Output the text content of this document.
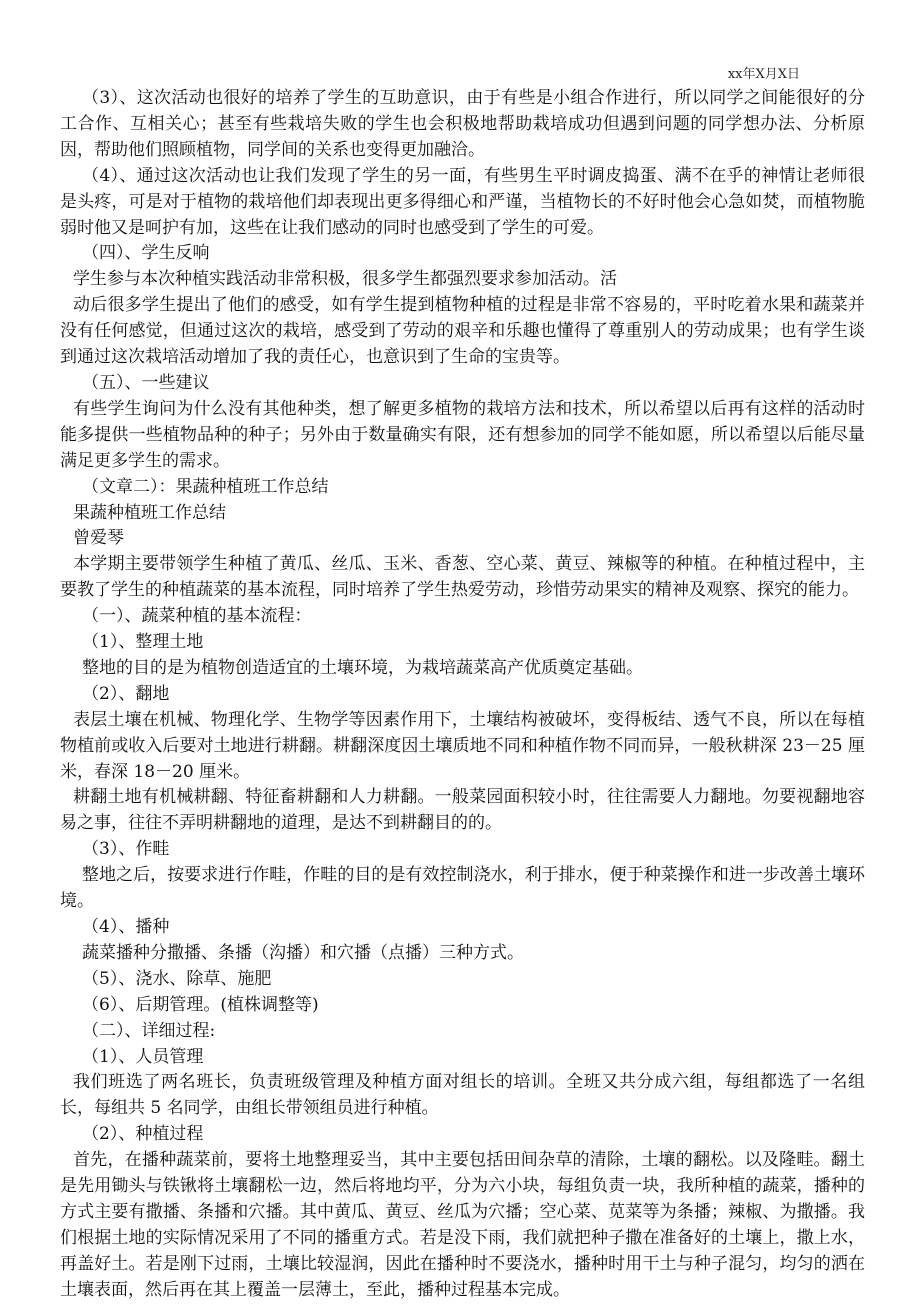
xx年X月X日

（3）、这次活动也很好的培养了学生的互助意识，由于有些是小组合作进行，所以同学之间能很好的分工合作、互相关心；甚至有些栽培失败的学生也会积极地帮助栽培成功但遇到问题的同学想办法、分析原因，帮助他们照顾植物，同学间的关系也变得更加融洽。

（4）、通过这次活动也让我们发现了学生的另一面，有些男生平时调皮捣蛋、满不在乎的神情让老师很是头疼，可是对于植物的栽培他们却表现出更多得细心和严谨，当植物长的不好时他会心急如焚，而植物脆弱时他又是呵护有加，这些在让我们感动的同时也感受到了学生的可爱。

（四）、学生反响

学生参与本次种植实践活动非常积极，很多学生都强烈要求参加活动。活

动后很多学生提出了他们的感受，如有学生提到植物种植的过程是非常不容易的，平时吃着水果和蔬菜并没有任何感觉，但通过这次的栽培，感受到了劳动的艰辛和乐趣也懂得了尊重别人的劳动成果；也有学生谈到通过这次栽培活动增加了我的责任心，也意识到了生命的宝贵等。

（五）、一些建议

有些学生询问为什么没有其他种类，想了解更多植物的栽培方法和技术，所以希望以后再有这样的活动时能多提供一些植物品种的种子；另外由于数量确实有限，还有想参加的同学不能如愿，所以希望以后能尽量满足更多学生的需求。

（文章二）：果蔬种植班工作总结

果蔬种植班工作总结

曾爱琴

本学期主要带领学生种植了黄瓜、丝瓜、玉米、香葱、空心菜、黄豆、辣椒等的种植。在种植过程中，主要教了学生的种植蔬菜的基本流程，同时培养了学生热爱劳动，珍惜劳动果实的精神及观察、探究的能力。

（一）、蔬菜种植的基本流程：

（1）、整理土地

整地的目的是为植物创造适宜的土壤环境，为栽培蔬菜高产优质奠定基础。

（2）、翻地

表层土壤在机械、物理化学、生物学等因素作用下，土壤结构被破坏，变得板结、透气不良，所以在每植物植前或收入后要对土地进行耕翻。耕翻深度因土壤质地不同和种植作物不同而异，一般秋耕深 23－25 厘米，春深 18－20 厘米。

耕翻土地有机械耕翻、特征畜耕翻和人力耕翻。一般菜园面积较小时，往往需要人力翻地。勿要视翻地容易之事，往往不弄明耕翻地的道理，是达不到耕翻目的的。

（3）、作畦

整地之后，按要求进行作畦，作畦的目的是有效控制浇水，利于排水，便于种菜操作和进一步改善土壤环境。

（4）、播种

蔬菜播种分撒播、条播（沟播）和穴播（点播）三种方式。

（5）、浇水、除草、施肥

（6）、后期管理。(植株调整等)

（二）、详细过程:

（1）、人员管理

我们班选了两名班长，负责班级管理及种植方面对组长的培训。全班又共分成六组，每组都选了一名组长，每组共 5 名同学，由组长带领组员进行种植。

（2）、种植过程

首先，在播种蔬菜前，要将土地整理妥当，其中主要包括田间杂草的清除，土壤的翻松。以及隆畦。翻土是先用锄头与铁锹将土壤翻松一边，然后将地均平，分为六小块，每组负责一块，我所种植的蔬菜，播种的方式主要有撒播、条播和穴播。其中黄瓜、黄豆、丝瓜为穴播；空心菜、苋菜等为条播；辣椒、为撒播。我们根据土地的实际情况采用了不同的播重方式。若是没下雨，我们就把种子撒在准备好的土壤上，撒上水，再盖好土。若是刚下过雨，土壤比较湿润，因此在播种时不要浇水，播种时用干土与种子混匀，均匀的洒在土壤表面，然后再在其上覆盖一层薄土，至此，播种过程基本完成。
